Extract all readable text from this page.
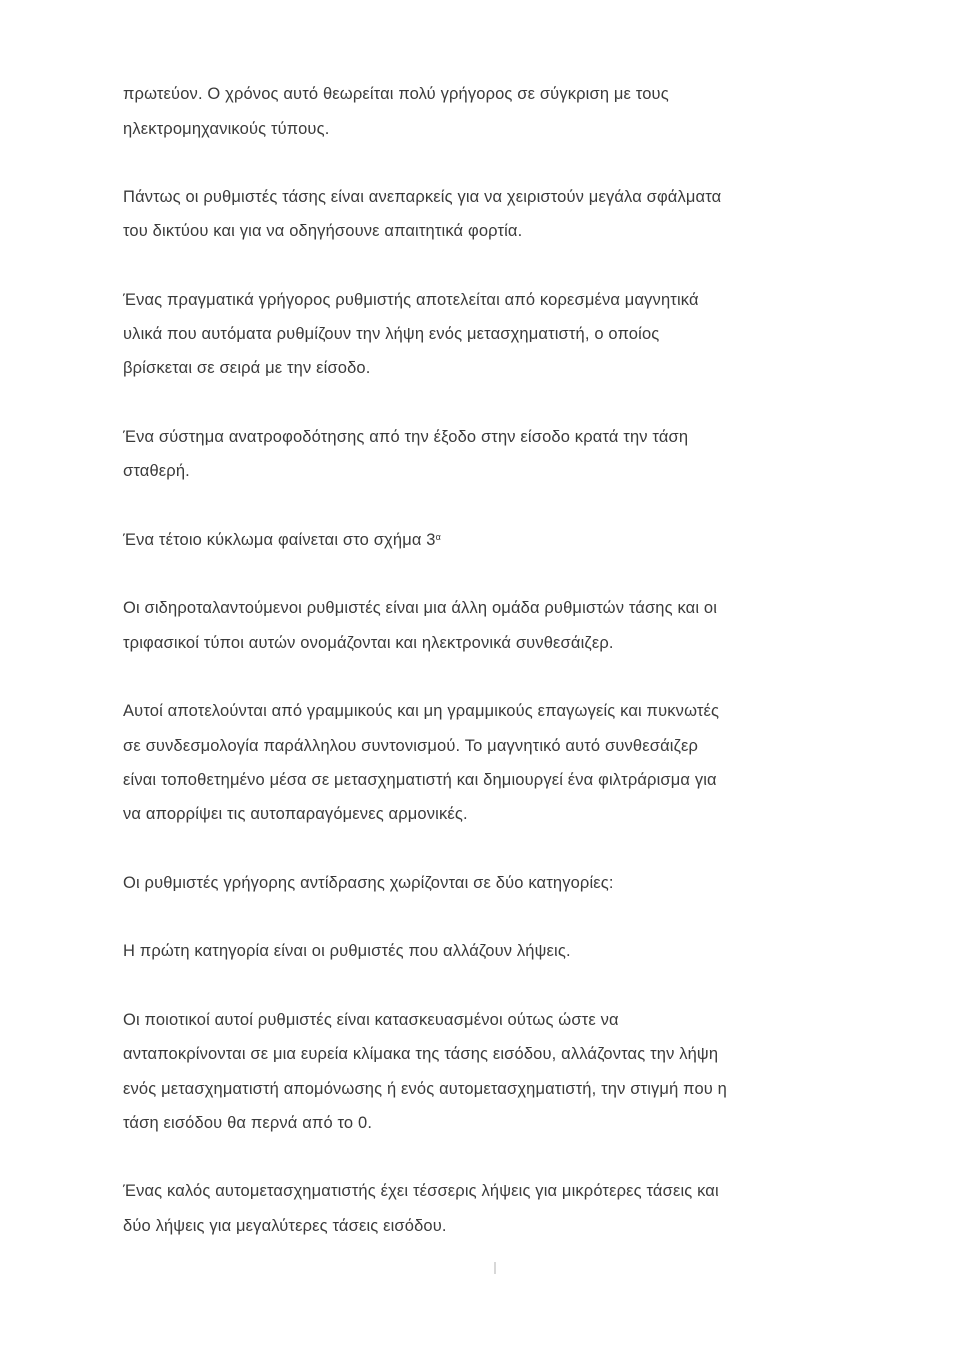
πρωτεύον. Ο χρόνος αυτό θεωρείται πολύ γρήγορος σε σύγκριση με τους
ηλεκτρομηχανικούς τύπους.
Πάντως οι ρυθμιστές τάσης είναι ανεπαρκείς για να χειριστούν μεγάλα σφάλματα
του δικτύου και για να οδηγήσουνε απαιτητικά φορτία.
Ένας πραγματικά γρήγορος ρυθμιστής αποτελείται από κορεσμένα μαγνητικά
υλικά που αυτόματα ρυθμίζουν την λήψη ενός μετασχηματιστή, ο οποίος
βρίσκεται σε σειρά με την είσοδο.
Ένα σύστημα ανατροφοδότησης από την έξοδο στην είσοδο κρατά την τάση
σταθερή.
Ένα τέτοιο κύκλωμα φαίνεται στο σχήμα $3^\alpha$
Οι σιδηροταλαντούμενοι ρυθμιστές είναι μια άλλη ομάδα ρυθμιστών τάσης και οι
τριφασικοί τύποι αυτών ονομάζονται και ηλεκτρονικά συνθεσάιζερ.
Αυτοί αποτελούνται από γραμμικούς και μη γραμμικούς επαγωγείς και πυκνωτές
σε συνδεσμολογία παράλληλου συντονισμού. Το μαγνητικό αυτό συνθεσάιζερ
είναι τοποθετημένο μέσα σε μετασχηματιστή και δημιουργεί ένα φιλτράρισμα για
να απορρίψει τις αυτοπαραγόμενες αρμονικές.
Οι ρυθμιστές γρήγορης αντίδρασης χωρίζονται σε δύο κατηγορίες:
Η πρώτη κατηγορία είναι οι ρυθμιστές που αλλάζουν λήψεις.
Οι ποιοτικοί αυτοί ρυθμιστές είναι κατασκευασμένοι ούτως ώστε να
ανταποκρίνονται σε μια ευρεία κλίμακα της τάσης εισόδου, αλλάζοντας την λήψη
ενός μετασχηματιστή απομόνωσης ή ενός αυτομετασχηματιστή, την στιγμή που η
τάση εισόδου θα περνά από το 0.
Ένας καλός αυτομετασχηματιστής έχει τέσσερις λήψεις για μικρότερες τάσεις και
δύο λήψεις για μεγαλύτερες τάσεις εισόδου.
